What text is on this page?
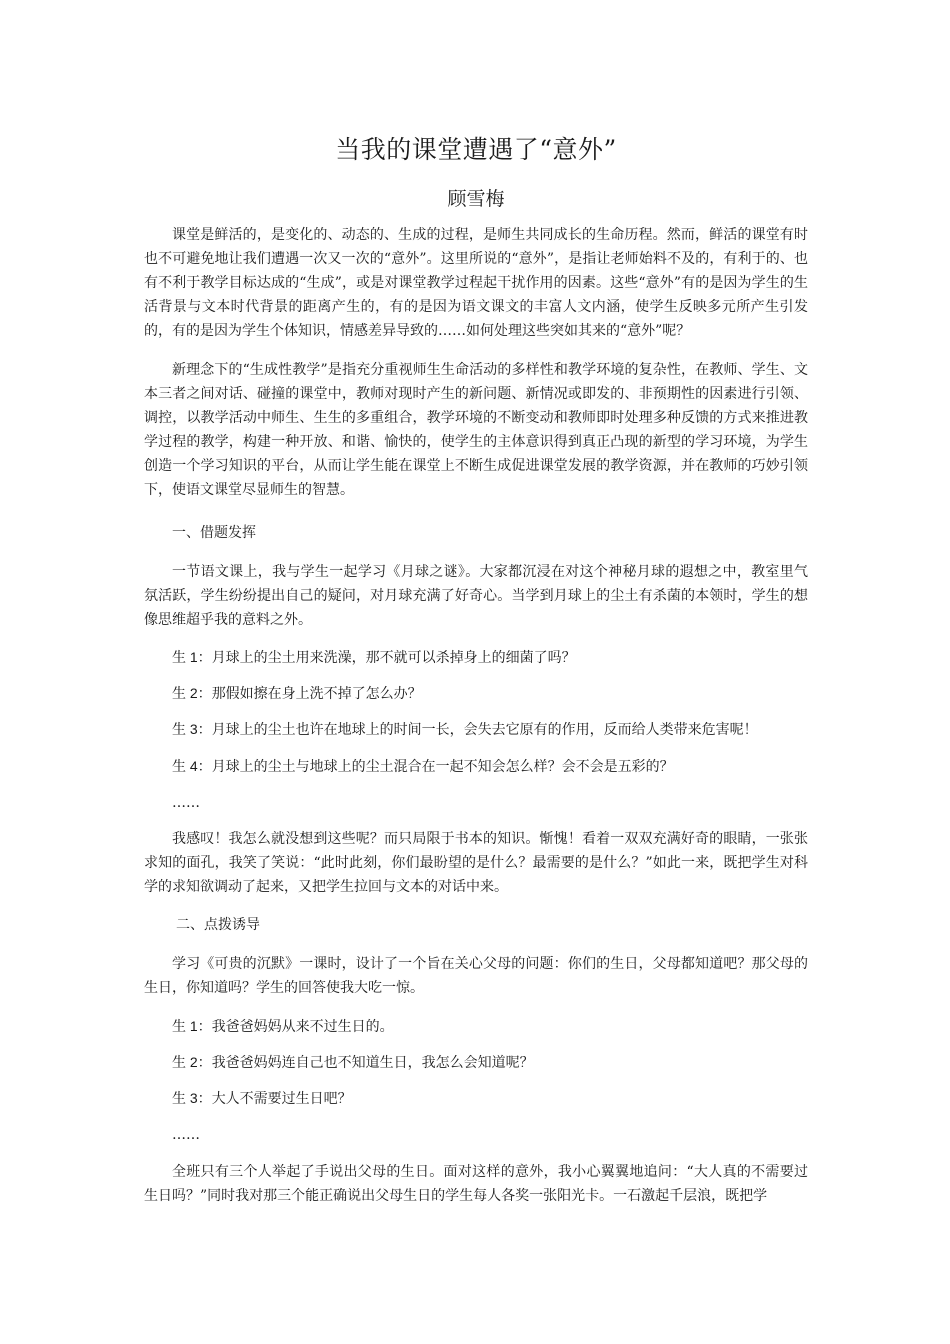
当我的课堂遭遇了“意外”
顾雪梅

课堂是鲜活的，是变化的、动态的、生成的过程，是师生共同成长的生命历程。然而，鲜活的课堂有时也不可避免地让我们遭遇一次又一次的“意外”。这里所说的“意外”，是指让老师始料不及的，有利于的、也有不利于教学目标达成的“生成”，或是对课堂教学过程起干扰作用的因素。这些“意外”有的是因为学生的生活背景与文本时代背景的距离产生的，有的是因为语文课文的丰富人文内涵，使学生反映多元所产生引发的，有的是因为学生个体知识，情感差异导致的……如何处理这些突如其来的“意外”呢？

新理念下的“生成性教学”是指充分重视师生生命活动的多样性和教学环境的复杂性，在教师、学生、文本三者之间对话、碰撞的课堂中，教师对现时产生的新问题、新情况或即发的、非预期性的因素进行引领、调控，以教学活动中师生、生生的多重组合，教学环境的不断变动和教师即时处理多种反馈的方式来推进教学过程的教学，构建一种开放、和谐、愉快的，使学生的主体意识得到真正凸现的新型的学习环境，为学生创造一个学习知识的平台，从而让学生能在课堂上不断生成促进课堂发展的教学资源，并在教师的巧妙引领下，使语文课堂尽显师生的智慧。

一、借题发挥

一节语文课上，我与学生一起学习《月球之谜》。大家都沉浸在对这个神秘月球的遐想之中，教室里气氛活跃，学生纷纷提出自己的疑问，对月球充满了好奇心。当学到月球上的尘土有杀菌的本领时，学生的想像思维超乎我的意料之外。

生 1：月球上的尘土用来洗澡，那不就可以杀掉身上的细菌了吗？

生 2：那假如擦在身上洗不掉了怎么办？

生 3：月球上的尘土也许在地球上的时间一长，会失去它原有的作用，反而给人类带来危害呢！

生 4：月球上的尘土与地球上的尘土混合在一起不知会怎么样？会不会是五彩的？

……

我感叹！我怎么就没想到这些呢？而只局限于书本的知识。惭愧！看着一双双充满好奇的眼睛，一张张求知的面孔，我笑了笑说：“此时此刻，你们最盼望的是什么？最需要的是什么？”如此一来，既把学生对科学的求知欲调动了起来，又把学生拉回与文本的对话中来。

二、点拨诱导

学习《可贵的沉默》一课时，设计了一个旨在关心父母的问题：你们的生日，父母都知道吧？那父母的生日，你知道吗？学生的回答使我大吃一惊。

生 1：我爸爸妈妈从来不过生日的。

生 2：我爸爸妈妈连自己也不知道生日，我怎么会知道呢？

生 3：大人不需要过生日吧？

……

全班只有三个人举起了手说出父母的生日。面对这样的意外，我小心翼翼地追问：“大人真的不需要过生日吗？”同时我对那三个能正确说出父母生日的学生每人各奖一张阳光卡。一石激起千层浪，既把学
